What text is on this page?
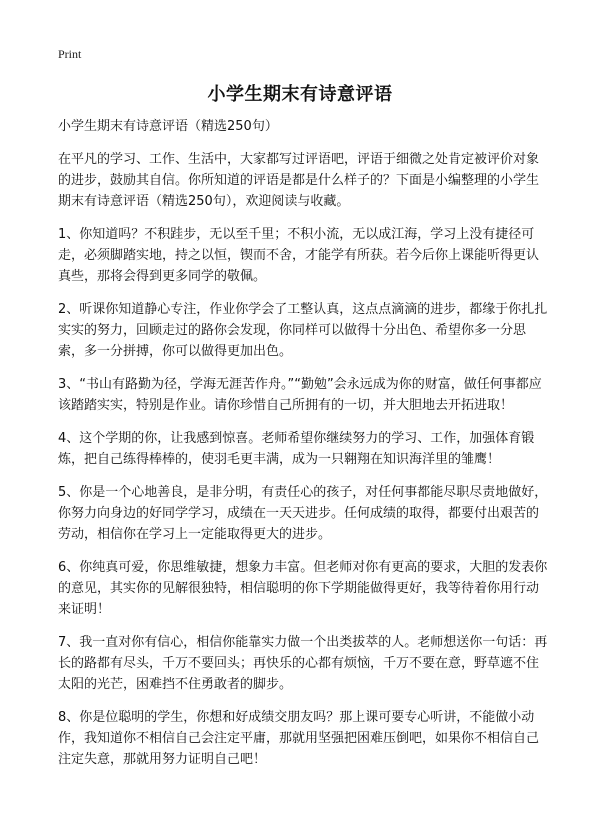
Print
小学生期末有诗意评语

小学生期末有诗意评语（精选250句）

在平凡的学习、工作、生活中，大家都写过评语吧，评语于细微之处肯定被评价对象的进步，鼓励其自信。你所知道的评语是都是什么样子的？下面是小编整理的小学生期末有诗意评语（精选250句），欢迎阅读与收藏。

1、你知道吗？不积跬步，无以至千里；不积小流，无以成江海，学习上没有捷径可走，必须脚踏实地，持之以恒，锲而不舍，才能学有所获。若今后你上课能听得更认真些，那将会得到更多同学的敬佩。

2、听课你知道静心专注，作业你学会了工整认真，这点点滴滴的进步，都缘于你扎扎实实的努力，回顾走过的路你会发现，你同样可以做得十分出色、希望你多一分思索，多一分拼搏，你可以做得更加出色。

3、“书山有路勤为径，学海无涯苦作舟。”“勤勉”会永远成为你的财富，做任何事都应该踏踏实实，特别是作业。请你珍惜自己所拥有的一切，并大胆地去开拓进取！

4、这个学期的你，让我感到惊喜。老师希望你继续努力的学习、工作，加强体育锻炼，把自己练得棒棒的，使羽毛更丰满，成为一只翱翔在知识海洋里的雏鹰！

5、你是一个心地善良，是非分明，有责任心的孩子，对任何事都能尽职尽责地做好，你努力向身边的好同学学习，成绩在一天天进步。任何成绩的取得，都要付出艰苦的劳动，相信你在学习上一定能取得更大的进步。

6、你纯真可爱，你思维敏捷，想象力丰富。但老师对你有更高的要求，大胆的发表你的意见，其实你的见解很独特，相信聪明的你下学期能做得更好，我等待着你用行动来证明！

7、我一直对你有信心，相信你能靠实力做一个出类拔萃的人。老师想送你一句话：再长的路都有尽头，千万不要回头；再快乐的心都有烦恼，千万不要在意，野草遮不住太阳的光芒，困难挡不住勇敢者的脚步。

8、你是位聪明的学生，你想和好成绩交朋友吗？那上课可要专心听讲，不能做小动作，我知道你不相信自己会注定平庸，那就用坚强把困难压倒吧，如果你不相信自己注定失意，那就用努力证明自己吧！
